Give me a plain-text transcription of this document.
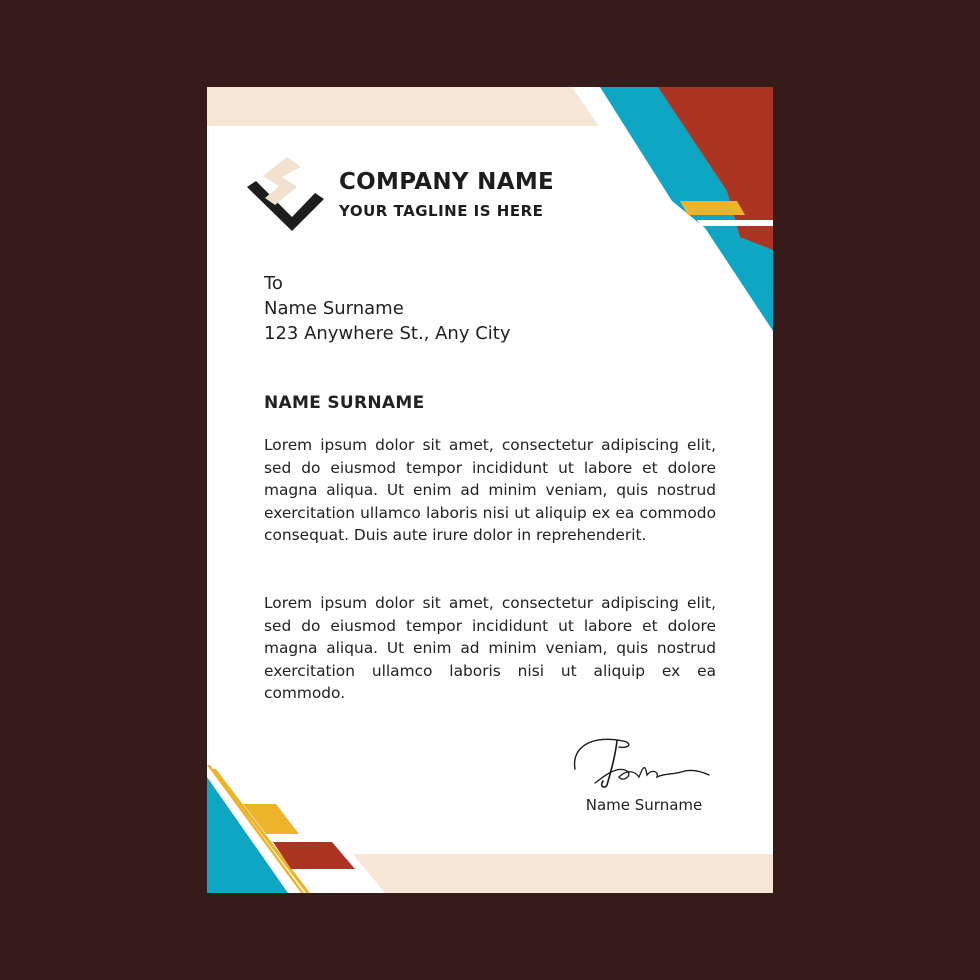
COMPANY NAME
YOUR TAGLINE IS HERE
To
Name Surname
123 Anywhere St., Any City
NAME SURNAME

Lorem ipsum dolor sit amet, consectetur adipiscing elit, sed do eiusmod tempor incididunt ut labore et dolore magna aliqua. Ut enim ad minim veniam, quis nostrud exercitation ullamco laboris nisi ut aliquip ex ea commodo consequat. Duis aute irure dolor in reprehenderit.

Lorem ipsum dolor sit amet, consectetur adipiscing elit, sed do eiusmod tempor incididunt ut labore et dolore magna aliqua. Ut enim ad minim veniam, quis nostrud exercitation ullamco laboris nisi ut aliquip ex ea commodo.

Name Surname
